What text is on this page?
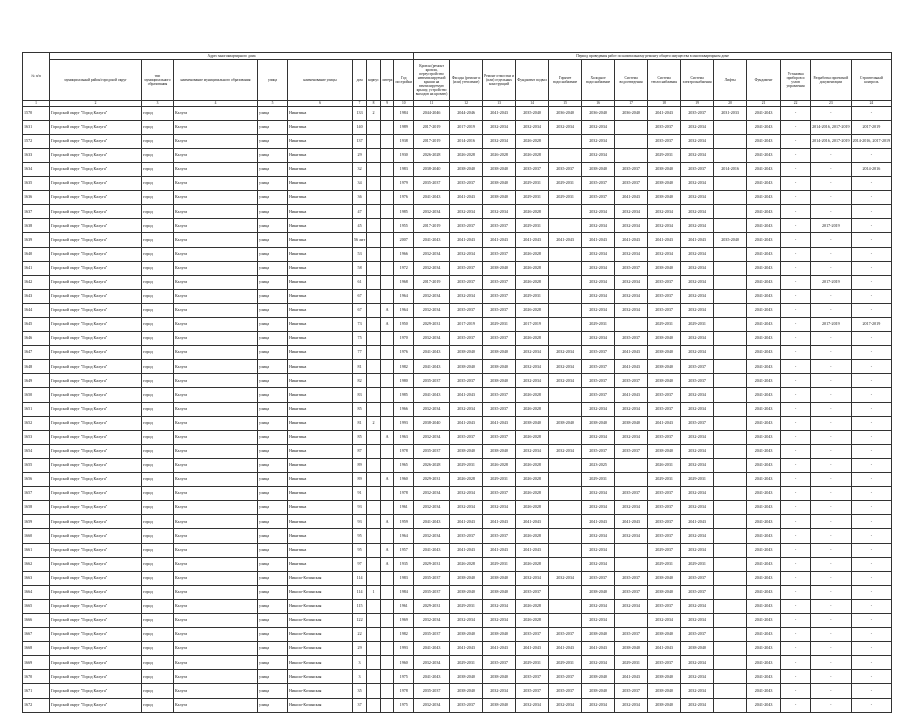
№ п/п	Адрес многоквартирного дома									Период проведения работ по капитальному ремонту общего имущества в многоквартирном доме													
	муниципальный район/городской округ	тип муниципального образования	наименование муниципального образования	улица	наименование улицы	дом	корпус	литера	Год постройки	Кровля (ремонт кровли, переустройство невентилируемой крыши на вентилируемую крышу, устройство выходов на кровлю)	Фасады (ремонт и (или) утепление)	Ремонт отмостки и (или) отдельных конструкций	Фундамент подвал	Горячее водоснабжение	Холодное водоснабжение	Система водоотведения	Система теплоснабжения	Система электроснабжения	Лифты	Фундамент	Установка приборов и узлов управления	Разработка проектной документации	Строительный контроль
1	2	3	4	5	6	7	8	9	10	11	12	13	14	15	16	17	18	19	20	21	22	23	24
1570	Городской округ "Город Калуга"	город	Калуга	улица	Никитина	133	2		1984	2044-2046	2044-2046	2041-2043	2035-2040	2036-2040	2036-2040	2036-2040	2041-2043	2035-2037	2031-2033	2041-2043	-	-	-
1631	Городской округ "Город Калуга"	город	Калуга	улица	Никитина	140			1989	2017-2019	2017-2019	2032-2034	2032-2034	2032-2034	2032-2034		2035-2037	2032-2034		2041-2043	-	2014-2016, 2017-2019	2017-2019
1572	Городской округ "Город Калуга"	город	Калуга	улица	Никитина	137			1938	2017-2019	2014-2016	2032-2034	2026-2028		2032-2034		2035-2037	2032-2034		2041-2043	-	2014-2016, 2017-2019	2014-2016, 2017-2019
1633	Городской округ "Город Калуга"	город	Калуга	улица	Никитина	29			1930	2026-2028	2026-2028	2026-2028	2026-2028		2032-2034		2029-2031	2032-2034		2041-2043	-	-	-
1634	Городской округ "Город Калуга"	город	Калуга	улица	Никитина	32			1983	2038-2040	2038-2040	2038-2040	2035-2037	2035-2037	2038-2040	2035-2037	2038-2040	2035-2037	2014-2016	2041-2043	-	-	2014-2016
1635	Городской округ "Город Калуга"	город	Калуга	улица	Никитина	34			1979	2035-2037	2035-2037	2038-2040	2029-2031	2029-2031	2035-2037	2035-2037	2038-2040	2032-2034		2041-2043	-	-	-
1636	Городской округ "Город Калуга"	город	Калуга	улица	Никитина	36			1976	2041-2043	2041-2043	2038-2040	2029-2031	2029-2031	2035-2037	2041-2043	2038-2040	2032-2034		2041-2043	-	-	-
1637	Городской округ "Город Калуга"	город	Калуга	улица	Никитина	47			1985	2032-2034	2032-2034	2032-2034	2026-2028		2032-2034	2032-2034	2032-2034	2032-2034		2041-2043	-	-	-
1638	Городской округ "Город Калуга"	город	Калуга	улица	Никитина	45			1955	2017-2019	2035-2037	2035-2037	2029-2031		2032-2034	2032-2034	2032-2034	2032-2034		2041-2043	-	2017-2019	-
1639	Городской округ "Город Калуга"	город	Калуга	улица	Никитина	56 лит			2007	2041-2043	2041-2043	2041-2043	2041-2043	2041-2043	2041-2043	2041-2043	2041-2043	2041-2043	2035-2040	2041-2043	-	-	-
1640	Городской округ "Город Калуга"	город	Калуга	улица	Никитина	53			1966	2032-2034	2032-2034	2035-2037	2026-2028		2032-2034	2032-2034	2032-2034	2032-2034		2041-2043	-	-	-
1641	Городской округ "Город Калуга"	город	Калуга	улица	Никитина	58			1972	2032-2034	2035-2037	2038-2040	2026-2028		2032-2034	2035-2037	2038-2040	2032-2034		2041-2043	-	-	-
1642	Городской округ "Город Калуга"	город	Калуга	улица	Никитина	61			1968	2017-2019	2035-2037	2035-2037	2026-2028		2032-2034	2032-2034	2035-2037	2032-2034		2041-2043	-	2017-2019	-
1643	Городской округ "Город Калуга"	город	Калуга	улица	Никитина	67			1964	2032-2034	2032-2034	2035-2037	2029-2031		2032-2034	2032-2034	2035-2037	2032-2034		2041-2043	-	-	-
1644	Городской округ "Город Калуга"	город	Калуга	улица	Никитина	67		А	1964	2032-2034	2035-2037	2035-2037	2026-2028		2032-2034	2032-2034	2035-2037	2032-2034		2041-2043	-	-	-
1645	Городской округ "Город Калуга"	город	Калуга	улица	Никитина	73		А	1950	2029-2031	2017-2019	2029-2031	2017-2019		2029-2031		2029-2031	2029-2031		2041-2043	-	2017-2019	2017-2019
1646	Городской округ "Город Калуга"	город	Калуга	улица	Никитина	75			1970	2032-2034	2035-2037	2035-2037	2026-2028		2032-2034	2035-2037	2038-2040	2032-2034		2041-2043	-	-	-
1647	Городской округ "Город Калуга"	город	Калуга	улица	Никитина	77			1976	2041-2043	2038-2040	2038-2040	2032-2034	2032-2034	2035-2037	2041-2043	2038-2040	2032-2034		2041-2043	-	-	-
1648	Городской округ "Город Калуга"	город	Калуга	улица	Никитина	81			1982	2041-2043	2038-2040	2038-2040	2032-2034	2032-2034	2035-2037	2041-2043	2038-2040	2035-2037		2041-2043	-	-	-
1649	Городской округ "Город Калуга"	город	Калуга	улица	Никитина	82			1980	2035-2037	2035-2037	2038-2040	2032-2034	2032-2034	2035-2037	2035-2037	2038-2040	2035-2037		2041-2043	-	-	-
1650	Городской округ "Город Калуга"	город	Калуга	улица	Никитина	83			1985	2041-2043	2041-2043	2035-2037	2026-2028		2035-2037	2041-2043	2035-2037	2032-2034		2041-2043	-	-	-
1651	Городской округ "Город Калуга"	город	Калуга	улица	Никитина	85			1966	2032-2034	2032-2034	2035-2037	2026-2028		2032-2034	2032-2034	2035-2037	2032-2034		2041-2043	-	-	-
1652	Городской округ "Город Калуга"	город	Калуга	улица	Никитина	81	2		1993	2038-2040	2041-2043	2041-2043	2038-2040	2038-2040	2038-2040	2038-2040	2041-2043	2035-2037		2041-2043	-	-	-
1653	Городской округ "Город Калуга"	город	Калуга	улица	Никитина	85		А	1963	2032-2034	2035-2037	2035-2037	2026-2028		2032-2034	2032-2034	2035-2037	2032-2034		2041-2043	-	-	-
1654	Городской округ "Город Калуга"	город	Калуга	улица	Никитина	87			1978	2035-2037	2038-2040	2038-2040	2032-2034	2032-2034	2035-2037	2035-2037	2038-2040	2032-2034		2041-2043	-	-	-
1655	Городской округ "Город Калуга"	город	Калуга	улица	Никитина	89			1965	2026-2028	2029-2031	2026-2028	2026-2028		2023-2025		2026-2031	2032-2034		2041-2043	-	-	-
1656	Городской округ "Город Калуга"	город	Калуга	улица	Никитина	89		А	1960	2029-2031	2026-2028	2029-2031	2026-2028		2029-2031		2029-2031	2029-2031		2041-2043	-	-	-
1657	Городской округ "Город Калуга"	город	Калуга	улица	Никитина	91			1978	2032-2034	2032-2034	2035-2037	2026-2028		2032-2034	2035-2037	2035-2037	2032-2034		2041-2043	-	-	-
1658	Городской округ "Город Калуга"	город	Калуга	улица	Никитина	93			1961	2032-2034	2032-2034	2032-2034	2026-2028		2032-2034	2032-2034	2035-2037	2032-2034		2041-2043	-	-	-
1659	Городской округ "Город Калуга"	город	Калуга	улица	Никитина	93		А	1959	2041-2043	2041-2043	2041-2043	2041-2043		2041-2043	2041-2043	2035-2037	2041-2043		2041-2043	-	-	-
1660	Городской округ "Город Калуга"	город	Калуга	улица	Никитина	95			1964	2032-2034	2035-2037	2035-2037	2026-2028		2032-2034	2032-2034	2035-2037	2032-2034		2041-2043	-	-	-
1661	Городской округ "Город Калуга"	город	Калуга	улица	Никитина	95		А	1957	2041-2043	2041-2043	2041-2043	2041-2043		2032-2034		2029-2037	2032-2034		2041-2043	-	-	-
1662	Городской округ "Город Калуга"	город	Калуга	улица	Никитина	97		А	1935	2029-2031	2026-2028	2029-2031	2026-2028		2032-2034		2029-2031	2029-2031		2041-2043	-	-	-
1663	Городской округ "Город Калуга"	город	Калуга	улица	Николо-Козинская	114			1983	2035-2037	2038-2040	2038-2040	2032-2034	2032-2034	2035-2037	2035-2037	2038-2040	2035-2037		2041-2043	-	-	-
1664	Городской округ "Город Калуга"	город	Калуга	улица	Николо-Козинская	114	1		1984	2035-2037	2038-2040	2038-2040	2035-2037		2038-2040	2035-2037	2038-2040	2035-2037		2041-2043	-	-	-
1665	Городской округ "Город Калуга"	город	Калуга	улица	Николо-Козинская	115			1961	2029-2031	2029-2031	2032-2034	2026-2028		2032-2034	2032-2034	2035-2037	2032-2034		2041-2043	-	-	-
1666	Городской округ "Город Калуга"	город	Калуга	улица	Николо-Козинская	122			1969	2032-2034	2032-2034	2032-2034	2026-2028		2032-2034		2032-2034	2032-2034		2041-2043	-	-	-
1667	Городской округ "Город Калуга"	город	Калуга	улица	Николо-Козинская	22			1982	2035-2037	2038-2040	2038-2040	2035-2037	2035-2037	2038-2040	2035-2037	2038-2040	2035-2037		2041-2043	-	-	-
1668	Городской округ "Город Калуга"	город	Калуга	улица	Николо-Козинская	29			1993	2041-2043	2041-2043	2041-2043	2041-2043	2041-2043	2041-2043	2038-2040	2041-2043	2038-2040		2041-2043	-	-	-
1669	Городской округ "Город Калуга"	город	Калуга	улица	Николо-Козинская	3			1960	2032-2034	2029-2031	2035-2037	2029-2031	2029-2031	2032-2034	2029-2031	2035-2037	2032-2034		2041-2043	-	-	-
1670	Городской округ "Город Калуга"	город	Калуга	улица	Николо-Козинская	3			1975	2041-2043	2038-2040	2038-2040	2035-2037	2035-2037	2038-2040	2041-2043	2038-2040	2032-2034		2041-2043	-	-	-
1671	Городской округ "Город Калуга"	город	Калуга	улица	Николо-Козинская	35			1978	2035-2037	2038-2040	2032-2034	2035-2037	2035-2037	2038-2040	2035-2037	2038-2040	2032-2034		2041-2043	-	-	-
1672	Городской округ "Город Калуга"	город	Калуга	улица	Николо-Козинская	37			1975	2032-2034	2035-2037	2038-2040	2032-2034	2032-2034	2032-2034	2032-2034	2038-2040	2032-2034		2041-2043	-	-	-
